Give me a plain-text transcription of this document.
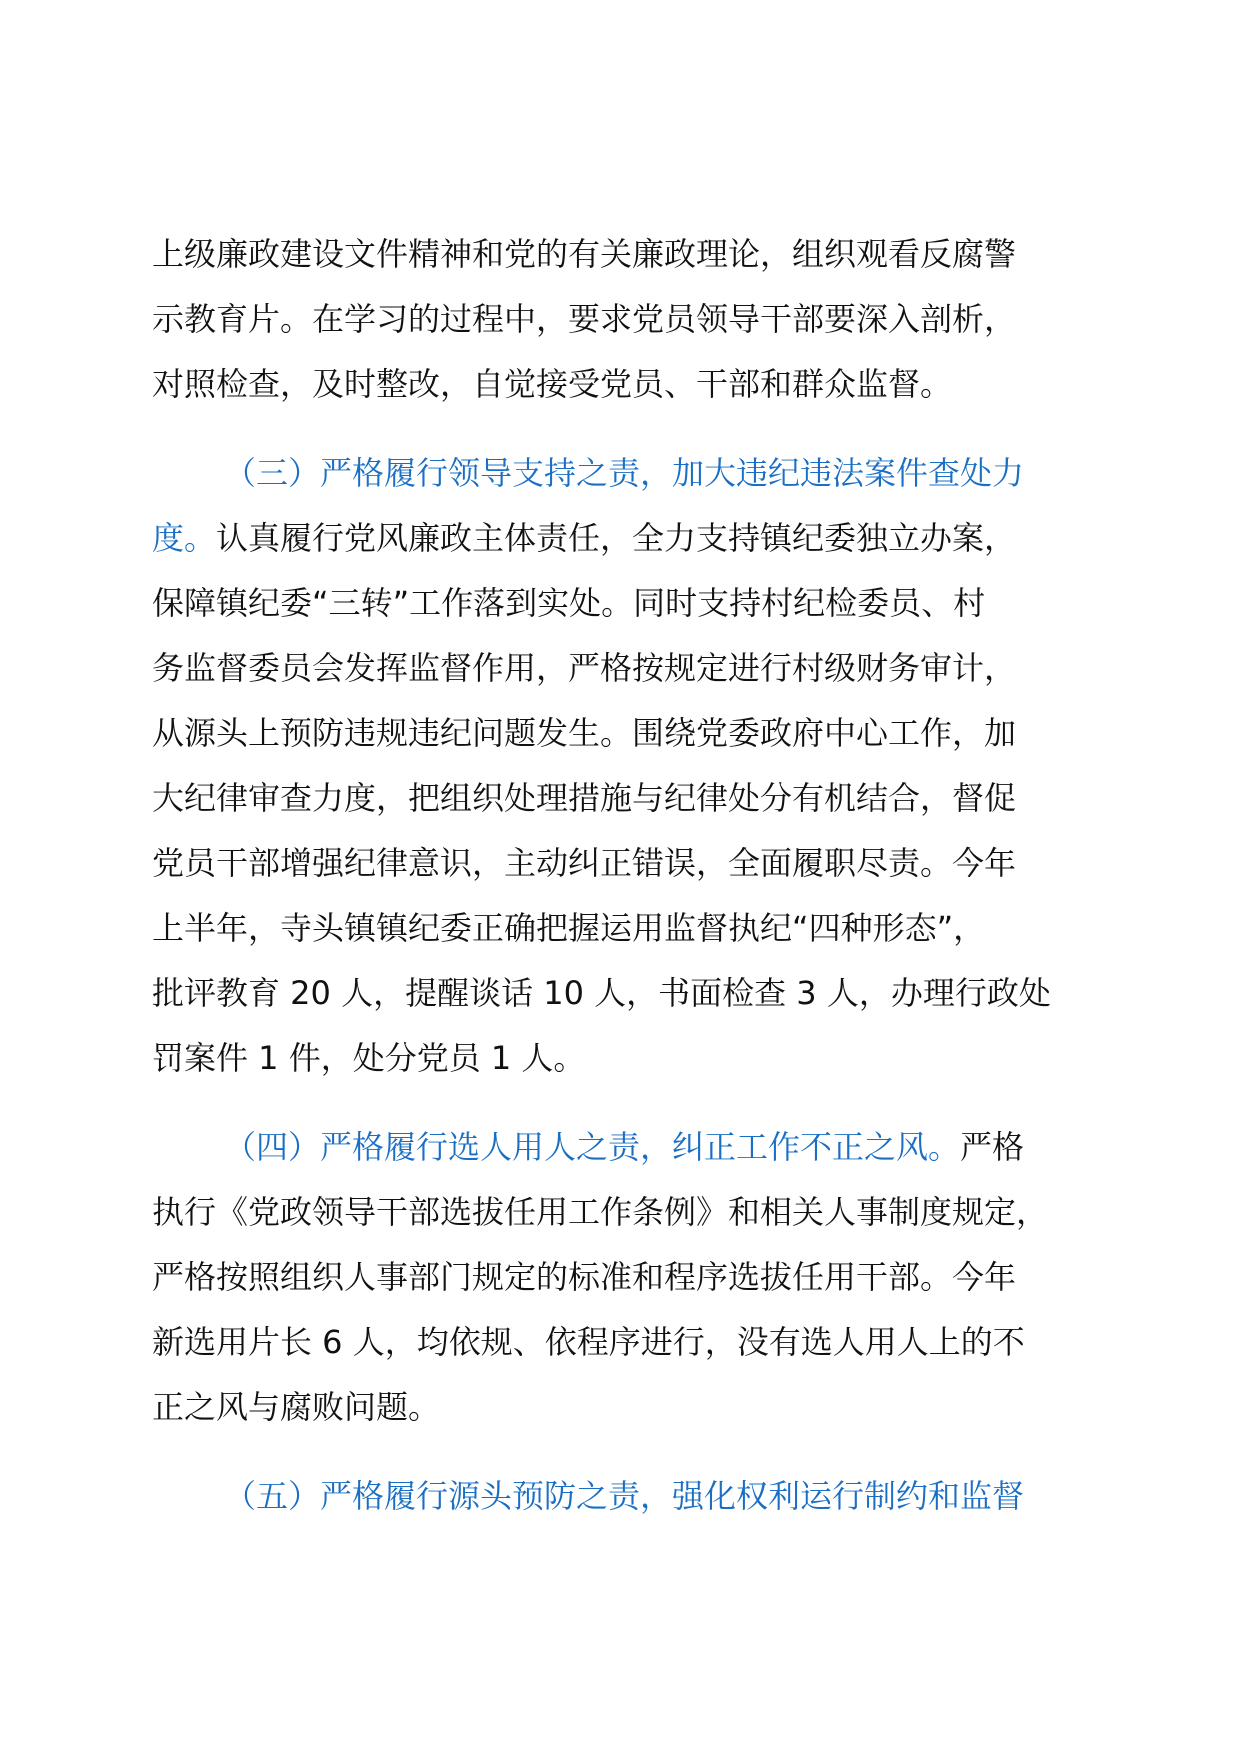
上级廉政建设文件精神和党的有关廉政理论，组织观看反腐警
示教育片。在学习的过程中，要求党员领导干部要深入剖析，
对照检查，及时整改，自觉接受党员、干部和群众监督。

（三）严格履行领导支持之责，加大违纪违法案件查处力
度。认真履行党风廉政主体责任，全力支持镇纪委独立办案，
保障镇纪委“三转”工作落到实处。同时支持村纪检委员、村
务监督委员会发挥监督作用，严格按规定进行村级财务审计，
从源头上预防违规违纪问题发生。围绕党委政府中心工作，加
大纪律审查力度，把组织处理措施与纪律处分有机结合，督促
党员干部增强纪律意识，主动纠正错误，全面履职尽责。今年
上半年，寺头镇镇纪委正确把握运用监督执纪“四种形态”，
批评教育 20 人，提醒谈话 10 人，书面检查 3 人，办理行政处
罚案件 1 件，处分党员 1 人。

（四）严格履行选人用人之责，纠正工作不正之风。严格
执行《党政领导干部选拔任用工作条例》和相关人事制度规定，
严格按照组织人事部门规定的标准和程序选拔任用干部。今年
新选用片长 6 人，均依规、依程序进行，没有选人用人上的不
正之风与腐败问题。

（五）严格履行源头预防之责，强化权利运行制约和监督
